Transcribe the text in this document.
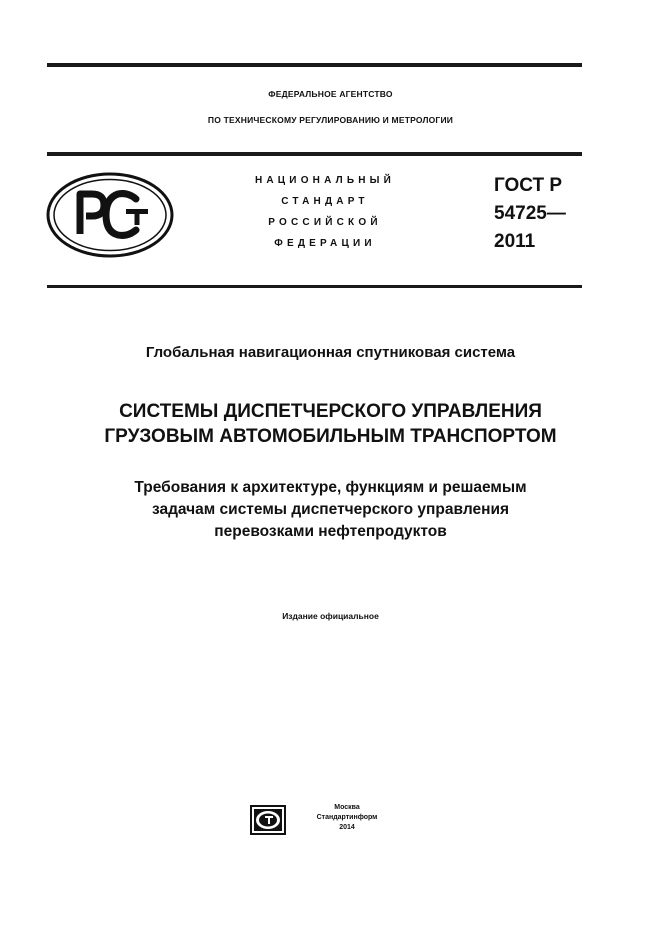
ФЕДЕРАЛЬНОЕ АГЕНТСТВО
ПО ТЕХНИЧЕСКОМУ РЕГУЛИРОВАНИЮ И МЕТРОЛОГИИ
НАЦИОНАЛЬНЫЙ
СТАНДАРТ
РОССИЙСКОЙ
ФЕДЕРАЦИИ
ГОСТ Р
54725—
2011
Глобальная навигационная спутниковая система
СИСТЕМЫ ДИСПЕТЧЕРСКОГО УПРАВЛЕНИЯ
ГРУЗОВЫМ АВТОМОБИЛЬНЫМ ТРАНСПОРТОМ
Требования к архитектуре, функциям и решаемым
задачам системы диспетчерского управления
перевозками нефтепродуктов
Издание официальное
Москва
Стандартинформ
2014
